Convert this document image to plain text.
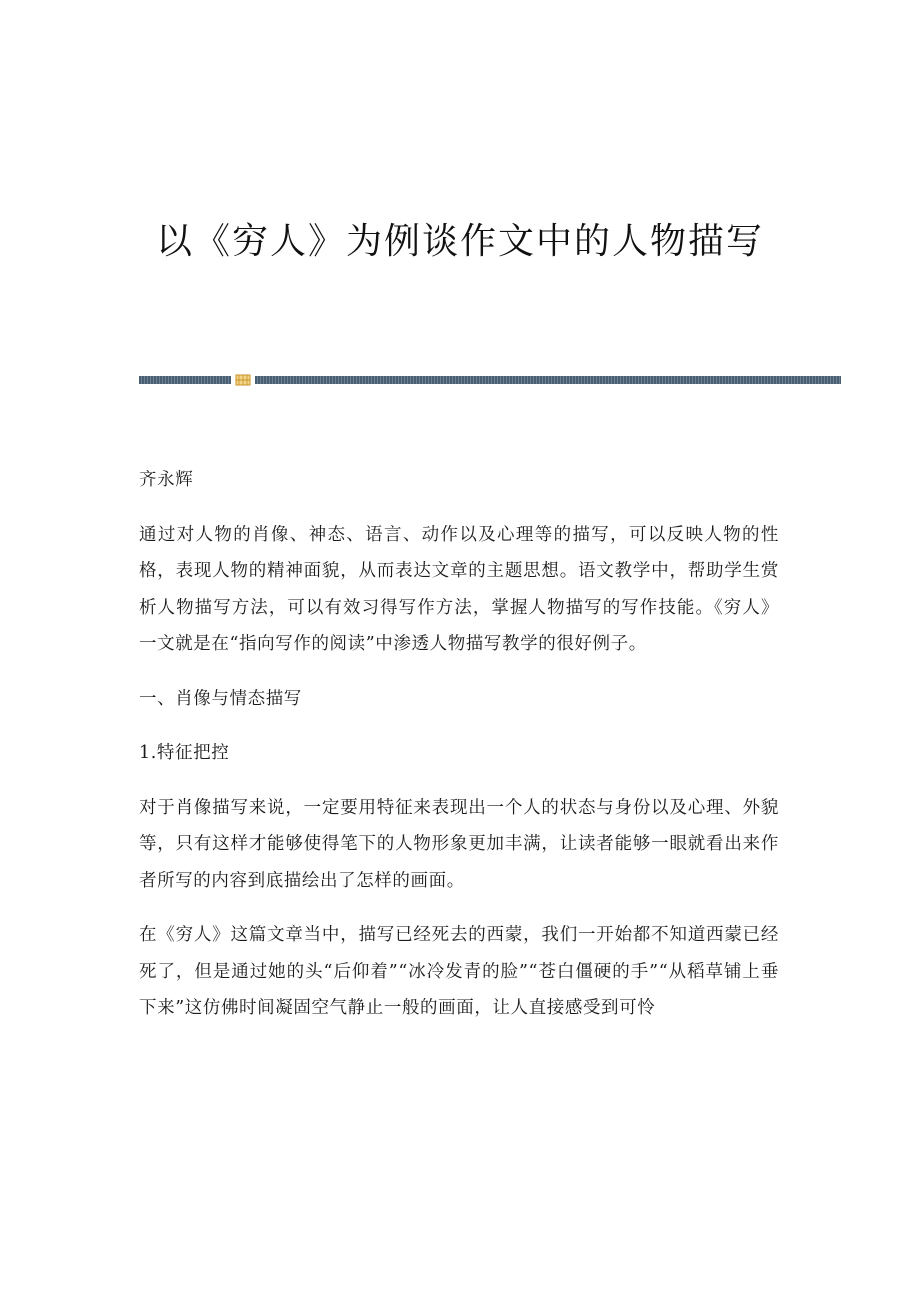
以《穷人》为例谈作文中的人物描写

齐永辉

通过对人物的肖像、神态、语言、动作以及心理等的描写，可以反映人物的性格，表现人物的精神面貌，从而表达文章的主题思想。语文教学中，帮助学生赏析人物描写方法，可以有效习得写作方法，掌握人物描写的写作技能。《穷人》一文就是在“指向写作的阅读”中渗透人物描写教学的很好例子。

一、肖像与情态描写

1.特征把控

对于肖像描写来说，一定要用特征来表现出一个人的状态与身份以及心理、外貌等，只有这样才能够使得笔下的人物形象更加丰满，让读者能够一眼就看出来作者所写的内容到底描绘出了怎样的画面。

在《穷人》这篇文章当中，描写已经死去的西蒙，我们一开始都不知道西蒙已经死了，但是通过她的头“后仰着”“冰冷发青的脸”“苍白僵硬的手”“从稻草铺上垂下来”这仿佛时间凝固空气静止一般的画面，让人直接感受到可怜
